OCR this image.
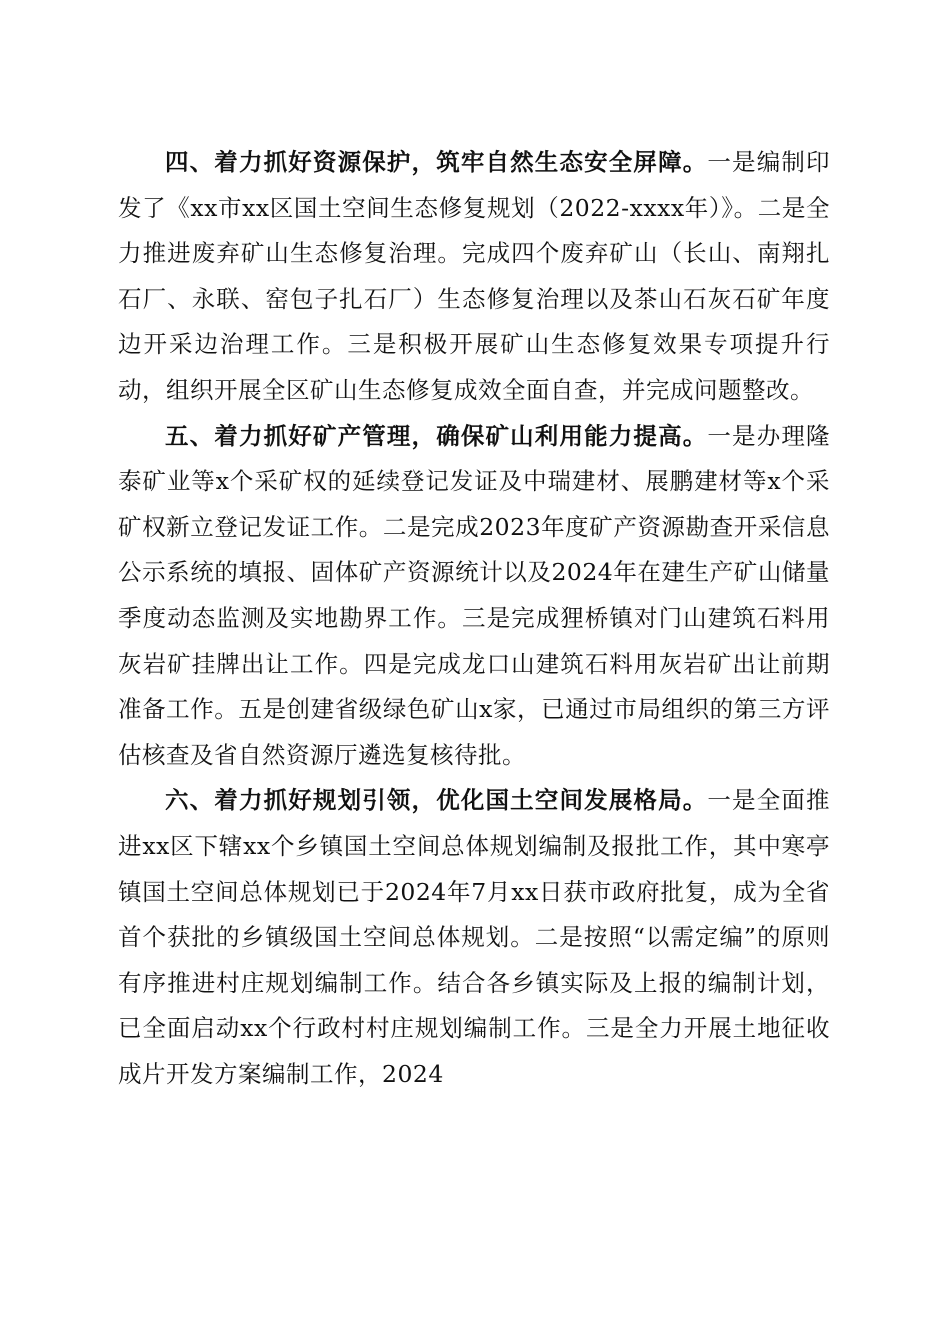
四、着力抓好资源保护，筑牢自然生态安全屏障。一是编制印发了《xx市xx区国土空间生态修复规划（2022-xxxx年）》。二是全力推进废弃矿山生态修复治理。完成四个废弃矿山（长山、南翔扎石厂、永联、窑包子扎石厂）生态修复治理以及茶山石灰石矿年度边开采边治理工作。三是积极开展矿山生态修复效果专项提升行动，组织开展全区矿山生态修复成效全面自查，并完成问题整改。

五、着力抓好矿产管理，确保矿山利用能力提高。一是办理隆泰矿业等x个采矿权的延续登记发证及中瑞建材、展鹏建材等x个采矿权新立登记发证工作。二是完成2023年度矿产资源勘查开采信息公示系统的填报、固体矿产资源统计以及2024年在建生产矿山储量季度动态监测及实地勘界工作。三是完成狸桥镇对门山建筑石料用灰岩矿挂牌出让工作。四是完成龙口山建筑石料用灰岩矿出让前期准备工作。五是创建省级绿色矿山x家，已通过市局组织的第三方评估核查及省自然资源厅遴选复核待批。

六、着力抓好规划引领，优化国土空间发展格局。一是全面推进xx区下辖xx个乡镇国土空间总体规划编制及报批工作，其中寒亭镇国土空间总体规划已于2024年7月xx日获市政府批复，成为全省首个获批的乡镇级国土空间总体规划。二是按照“以需定编”的原则有序推进村庄规划编制工作。结合各乡镇实际及上报的编制计划，已全面启动xx个行政村村庄规划编制工作。三是全力开展土地征收成片开发方案编制工作，2024
